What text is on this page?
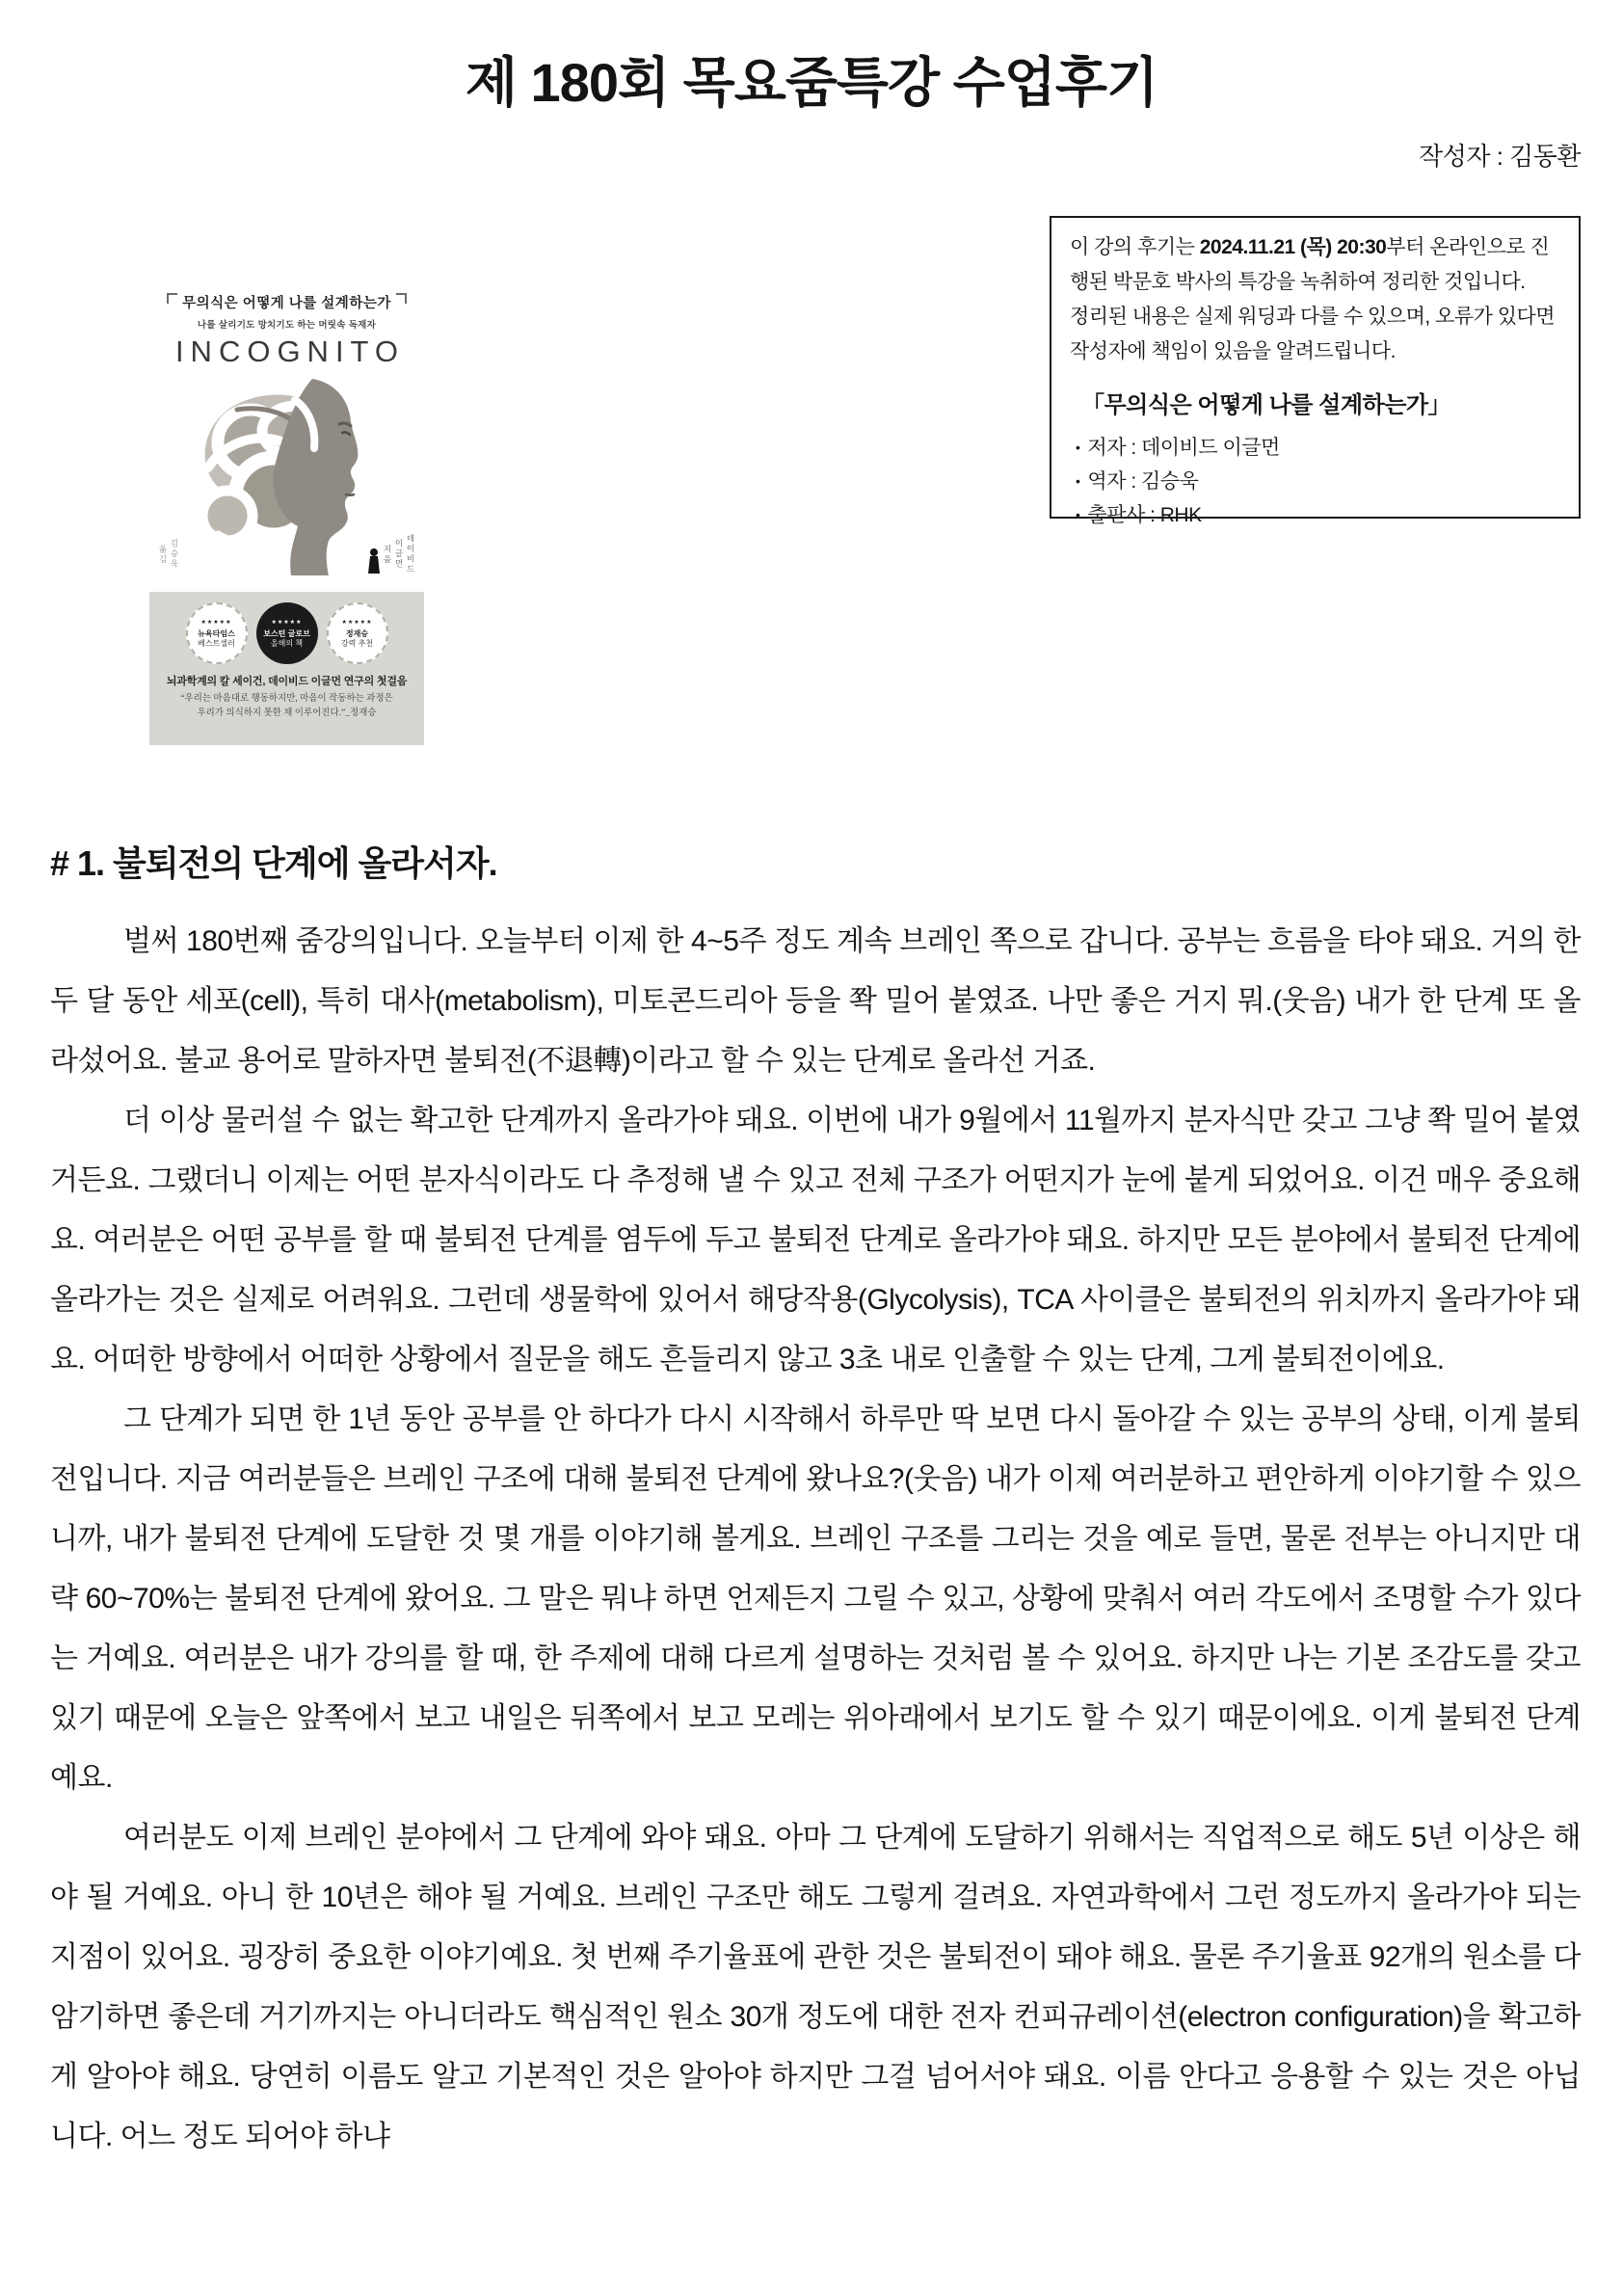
제 180회 목요줌특강 수업후기
작성자 : 김동환
이 강의 후기는 2024.11.21 (목) 20:30부터 온라인으로 진행된 박문호 박사의 특강을 녹취하여 정리한 것입니다.
정리된 내용은 실제 워딩과 다를 수 있으며, 오류가 있다면 작성자에 책임이 있음을 알려드립니다.
「무의식은 어떻게 나를 설계하는가」
• 저자 : 데이비드 이글먼
• 역자 : 김승욱
• 출판사 : RHK
무의식은 어떻게 나를 설계하는가
나를 살리기도 망치기도 하는 머릿속 독재자
INCOGNITO
김승욱 옮김	데이비드 이글먼 지음
★★★★★
뉴욕타임스
베스트셀러
★★★★★
보스턴 글로브
올해의 책
★★★★★
정재승
강력 추천
뇌과학계의 칼 세이건, 데이비드 이글먼 연구의 첫걸음
“우리는 마음대로 행동하지만, 마음이 작동하는 과정은
우리가 의식하지 못한 채 이루어진다.”_정재승
# 1. 불퇴전의 단계에 올라서자.

벌써 180번째 줌강의입니다. 오늘부터 이제 한 4~5주 정도 계속 브레인 쪽으로 갑니다. 공부는 흐름을 타야 돼요. 거의 한두 달 동안 세포(cell), 특히 대사(metabolism), 미토콘드리아 등을 쫙 밀어 붙였죠. 나만 좋은 거지 뭐.(웃음) 내가 한 단계 또 올라섰어요. 불교 용어로 말하자면 불퇴전(不退轉)이라고 할 수 있는 단계로 올라선 거죠.

더 이상 물러설 수 없는 확고한 단계까지 올라가야 돼요. 이번에 내가 9월에서 11월까지 분자식만 갖고 그냥 쫙 밀어 붙였거든요. 그랬더니 이제는 어떤 분자식이라도 다 추정해 낼 수 있고 전체 구조가 어떤지가 눈에 붙게 되었어요. 이건 매우 중요해요. 여러분은 어떤 공부를 할 때 불퇴전 단계를 염두에 두고 불퇴전 단계로 올라가야 돼요. 하지만 모든 분야에서 불퇴전 단계에 올라가는 것은 실제로 어려워요. 그런데 생물학에 있어서 해당작용(Glycolysis), TCA 사이클은 불퇴전의 위치까지 올라가야 돼요. 어떠한 방향에서 어떠한 상황에서 질문을 해도 흔들리지 않고 3초 내로 인출할 수 있는 단계, 그게 불퇴전이에요.

그 단계가 되면 한 1년 동안 공부를 안 하다가 다시 시작해서 하루만 딱 보면 다시 돌아갈 수 있는 공부의 상태, 이게 불퇴전입니다. 지금 여러분들은 브레인 구조에 대해 불퇴전 단계에 왔나요?(웃음) 내가 이제 여러분하고 편안하게 이야기할 수 있으니까, 내가 불퇴전 단계에 도달한 것 몇 개를 이야기해 볼게요. 브레인 구조를 그리는 것을 예로 들면, 물론 전부는 아니지만 대략 60~70%는 불퇴전 단계에 왔어요. 그 말은 뭐냐 하면 언제든지 그릴 수 있고, 상황에 맞춰서 여러 각도에서 조명할 수가 있다는 거예요. 여러분은 내가 강의를 할 때, 한 주제에 대해 다르게 설명하는 것처럼 볼 수 있어요. 하지만 나는 기본 조감도를 갖고 있기 때문에 오늘은 앞쪽에서 보고 내일은 뒤쪽에서 보고 모레는 위아래에서 보기도 할 수 있기 때문이에요. 이게 불퇴전 단계예요.

여러분도 이제 브레인 분야에서 그 단계에 와야 돼요. 아마 그 단계에 도달하기 위해서는 직업적으로 해도 5년 이상은 해야 될 거예요. 아니 한 10년은 해야 될 거예요. 브레인 구조만 해도 그렇게 걸려요. 자연과학에서 그런 정도까지 올라가야 되는 지점이 있어요. 굉장히 중요한 이야기예요. 첫 번째 주기율표에 관한 것은 불퇴전이 돼야 해요. 물론 주기율표 92개의 원소를 다 암기하면 좋은데 거기까지는 아니더라도 핵심적인 원소 30개 정도에 대한 전자 컨피규레이션(electron configuration)을 확고하게 알아야 해요. 당연히 이름도 알고 기본적인 것은 알아야 하지만 그걸 넘어서야 돼요. 이름 안다고 응용할 수 있는 것은 아닙니다. 어느 정도 되어야 하냐
